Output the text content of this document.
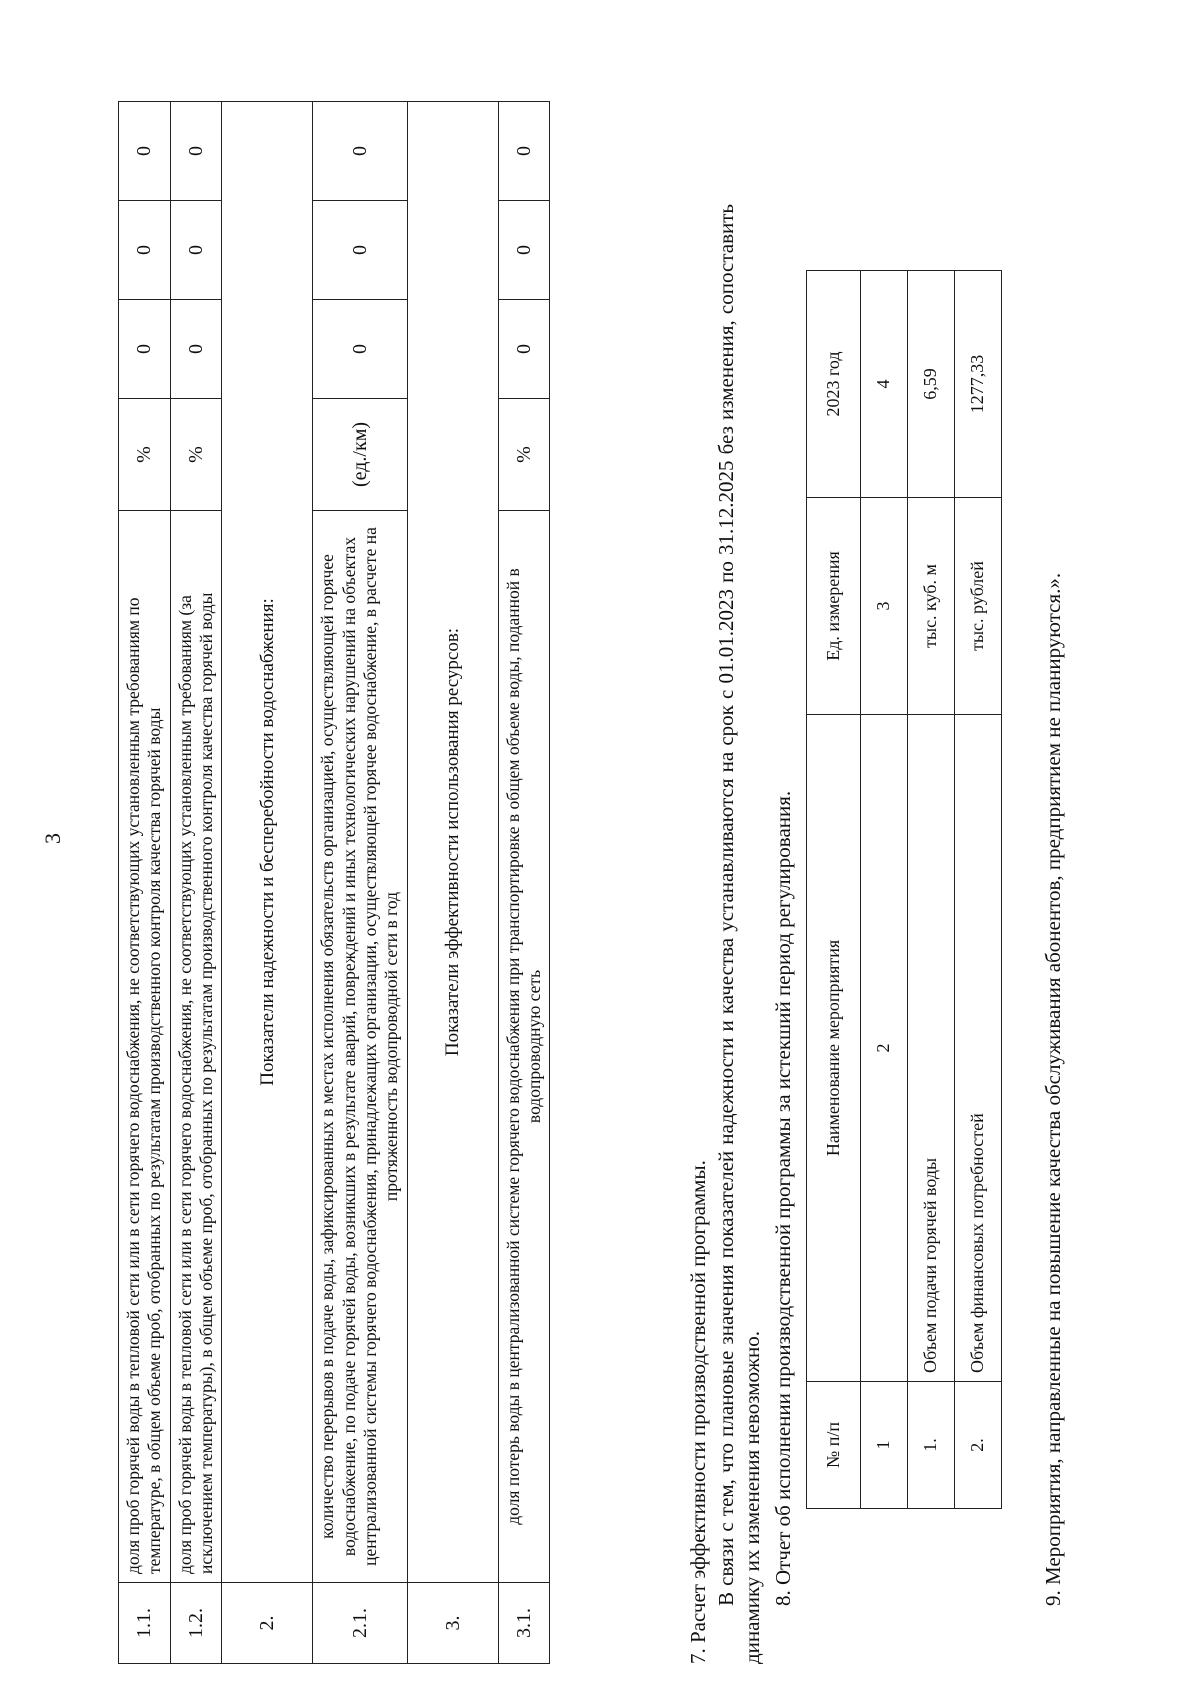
3
1.1.	доля проб горячей воды в тепловой сети или в сети горячего водоснабжения, не соответствующих установленным требованиям по температуре, в общем объеме проб, отобранных по результатам производственного контроля качества горячей воды	%	0	0	0
1.2.	доля проб горячей воды в тепловой сети или в сети горячего водоснабжения, не соответствующих установленным требованиям (за исключением температуры), в общем объеме проб, отобранных по результатам производственного контроля качества горячей воды	%	0	0	0
2.	Показатели надежности и бесперебойности водоснабжения:				
2.1.	количество перерывов в подаче воды, зафиксированных в местах исполнения обязательств организацией, осуществляющей горячее водоснабжение, по подаче горячей воды, возникших в результате аварий, повреждений и иных технологических нарушений на объектах централизованной системы горячего водоснабжения, принадлежащих организации, осуществляющей горячее водоснабжение, в расчете на протяженность водопроводной сети в год	(ед./км)	0	0	0
3.	Показатели эффективности использования ресурсов:				
3.1.	доля потерь воды в централизованной системе горячего водоснабжения при транспортировке в общем объеме воды, поданной в водопроводную сеть	%	0	0	0

7. Расчет эффективности производственной программы. В связи с тем, что плановые значения показателей надежности и качества устанавливаются на срок с 01.01.2023 по 31.12.2025 без изменения, сопоставить динамику их изменения невозможно. 8. Отчет об исполнении производственной программы за истекший период регулирования. № п/п	Наименование мероприятия	Ед. измерения	2023 год
1	2	3	4
1.	Объем подачи горячей воды	тыс. куб. м	6,59
2.	Объем финансовых потребностей	тыс. рублей	1277,33

9. Мероприятия, направленные на повышение качества обслуживания абонентов, предприятием не планируются.».
